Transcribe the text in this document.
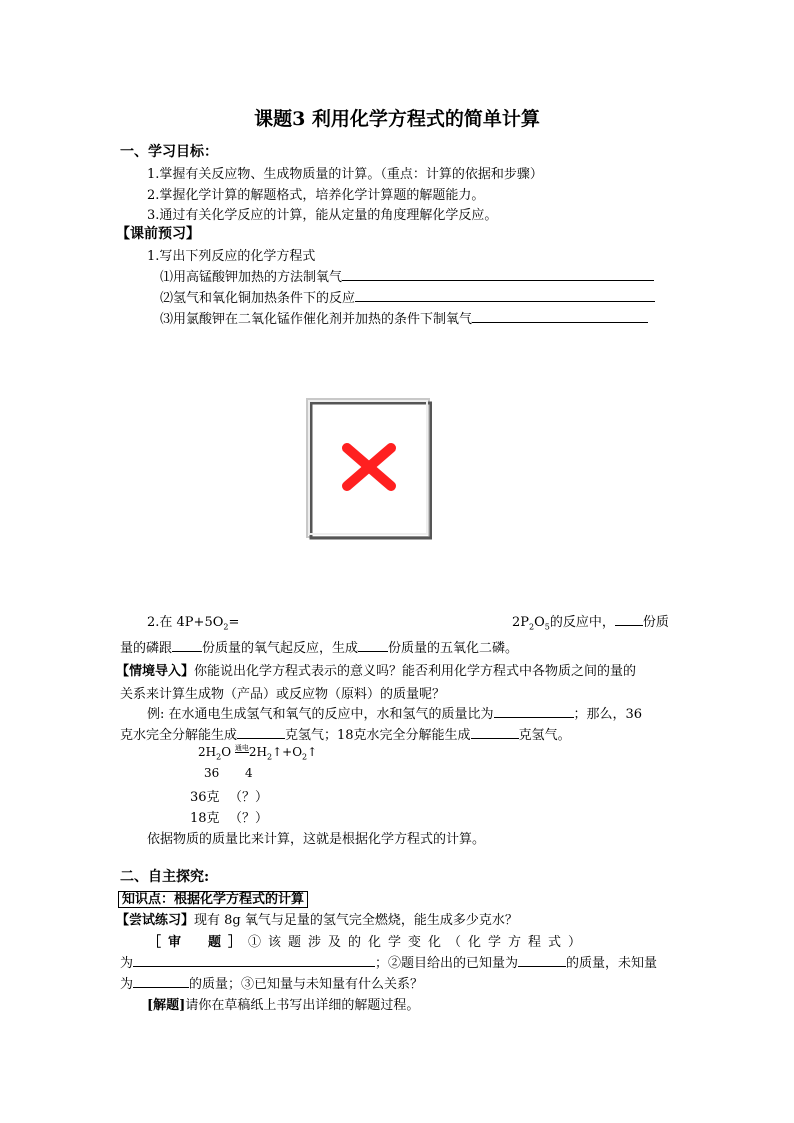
课题3 利用化学方程式的简单计算
一、学习目标：
1.掌握有关反应物、生成物质量的计算。（重点：计算的依据和步骤）
2.掌握化学计算的解题格式，培养化学计算题的解题能力。
3.通过有关化学反应的计算，能从定量的角度理解化学反应。
【课前预习】
1.写出下列反应的化学方程式
⑴用高锰酸钾加热的方法制氧气
⑵氢气和氧化铜加热条件下的反应
⑶用氯酸钾在二氧化锰作催化剂并加热的条件下制氧气
2.在 $4P+5O_2=$	$2P_2O_5$的反应中， 份质
量的磷跟 份质量的氧气起反应，生成 份质量的五氧化二磷。
【情境导入】你能说出化学方程式表示的意义吗？能否利用化学方程式中各物质之间的量的
关系来计算生成物（产品）或反应物（原料）的质量呢？
例: 在水通电生成氢气和氧气的反应中，水和氢气的质量比为	；那么，36
克水完全分解能生成	克氢气；18克水完全分解能生成	克氢气。
$2H_2O$ 通电$2H_2↑+O_2↑$
36 4
36克 （？）
18克 （？）
依据物质的质量比来计算，这就是根据化学方程式的计算。
二、自主探究:
知识点：根据化学方程式的计算
【尝试练习】现有 8g 氧气与足量的氢气完全燃烧，能生成多少克水？
［审　题］①该题涉及的化学变化（化学方程式）
为	；②题目给出的已知量为	的质量，未知量
为	的质量；③已知量与未知量有什么关系？
[解题]请你在草稿纸上书写出详细的解题过程。
